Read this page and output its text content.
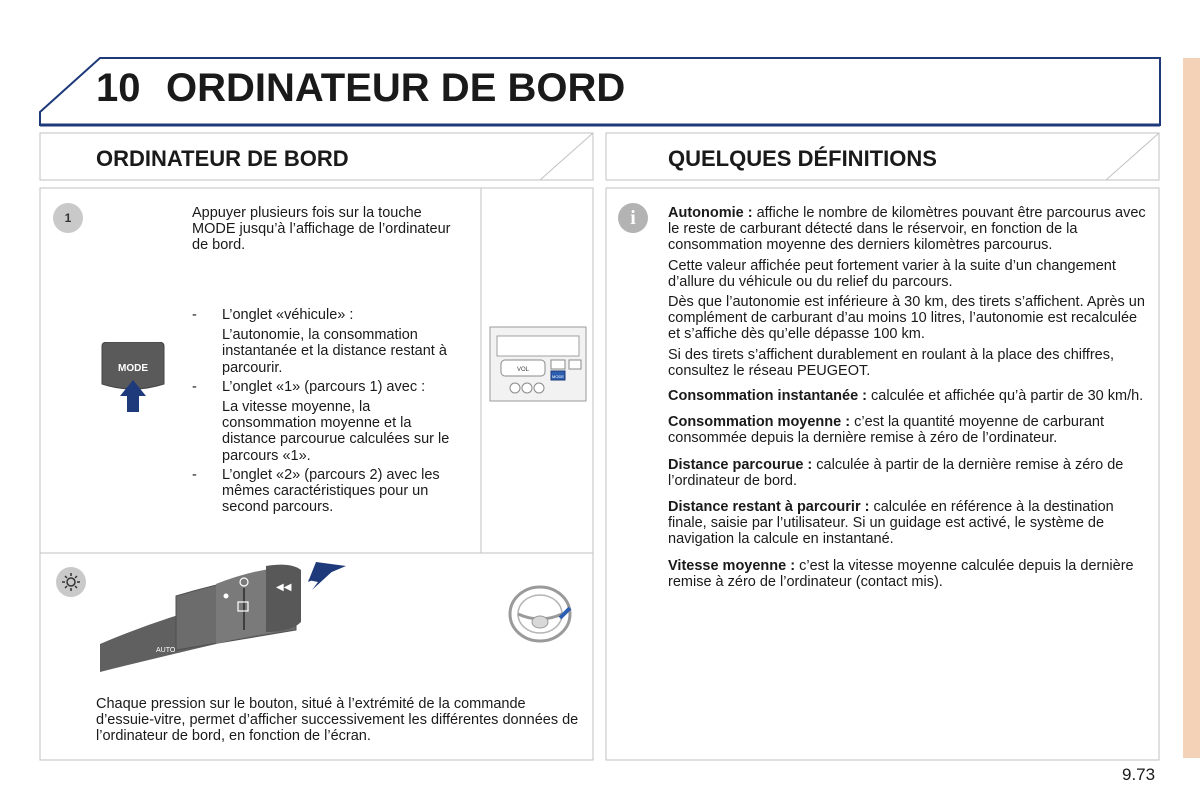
10 ORDINATEUR DE BORD
ORDINATEUR DE BORD
1	Appuyer plusieurs fois sur la touche MODE jusqu’à l’affichage de l’ordinateur de bord.
- L’onglet «véhicule» :
L’autonomie, la consommation instantanée et la distance restant à parcourir.
- L’onglet «1» (parcours 1) avec :
La vitesse moyenne, la consommation moyenne et la distance parcourue calculées sur le parcours «1».
- L’onglet «2» (parcours 2) avec les mêmes caractéristiques pour un second parcours.
MODE	VOL
MODE
AUTO
◀◀
Chaque pression sur le bouton, situé à l’extrémité de la commande d’essuie-vitre, permet d’afficher successivement les différentes données de l’ordinateur de bord, en fonction de l’écran.
QUELQUES DÉFINITIONS
i	Autonomie : affiche le nombre de kilomètres pouvant être parcourus avec le reste de carburant détecté dans le réservoir, en fonction de la consommation moyenne des derniers kilomètres parcourus.

Cette valeur affichée peut fortement varier à la suite d’un changement d’allure du véhicule ou du relief du parcours.

Dès que l’autonomie est inférieure à 30 km, des tirets s’affichent. Après un complément de carburant d’au moins 10 litres, l’autonomie est recalculée et s’affiche dès qu’elle dépasse 100 km.

Si des tirets s’affichent durablement en roulant à la place des chiffres, consultez le réseau PEUGEOT.

Consommation instantanée : calculée et affichée qu’à partir de 30 km/h.

Consommation moyenne : c’est la quantité moyenne de carburant consommée depuis la dernière remise à zéro de l’ordinateur.

Distance parcourue : calculée à partir de la dernière remise à zéro de l’ordinateur de bord.

Distance restant à parcourir : calculée en référence à la destination finale, saisie par l’utilisateur. Si un guidage est activé, le système de navigation la calcule en instantané.

Vitesse moyenne : c’est la vitesse moyenne calculée depuis la dernière remise à zéro de l’ordinateur (contact mis).

9.73
